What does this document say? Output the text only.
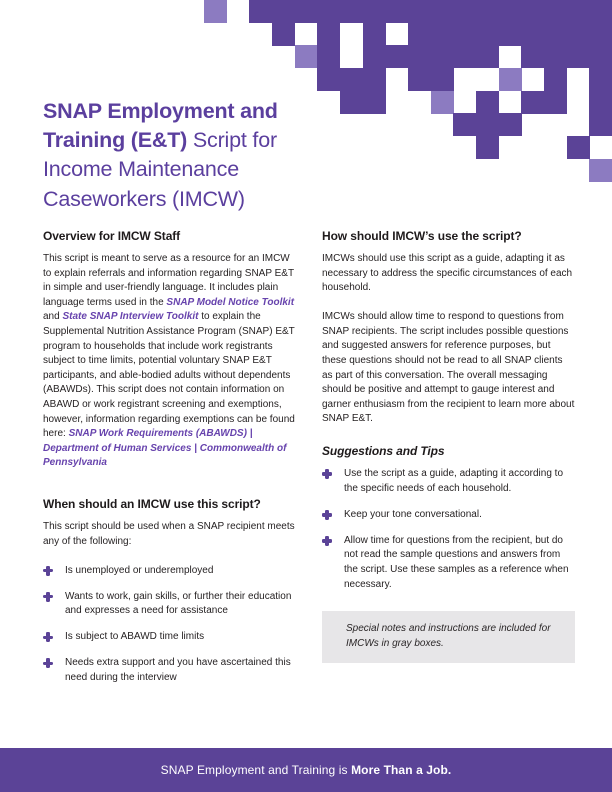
SNAP Employment and
Training (E&T) Script for
Income Maintenance
Caseworkers (IMCW)
Overview for IMCW Staff

This script is meant to serve as a resource for an IMCW to explain referrals and information regarding SNAP E&T in simple and user-friendly language. It includes plain language terms used in the SNAP Model Notice Toolkit and State SNAP Interview Toolkit to explain the Supplemental Nutrition Assistance Program (SNAP) E&T program to households that include work registrants subject to time limits, potential voluntary SNAP E&T participants, and able-bodied adults without dependents (ABAWDs). This script does not contain information on ABAWD or work registrant screening and exemptions, however, information regarding exemptions can be found here: SNAP Work Requirements (ABAWDS) | Department of Human Services | Commonwealth of Pennsylvania

When should an IMCW use this script?

This script should be used when a SNAP recipient meets any of the following:

Is unemployed or underemployed
Wants to work, gain skills, or further their education and expresses a need for assistance
Is subject to ABAWD time limits
Needs extra support and you have ascertained this need during the interview
How should IMCW’s use the script?

IMCWs should use this script as a guide, adapting it as necessary to address the specific circumstances of each household.

IMCWs should allow time to respond to questions from SNAP recipients. The script includes possible questions and suggested answers for reference purposes, but these questions should not be read to all SNAP clients as part of this conversation. The overall messaging should be positive and attempt to gauge interest and garner enthusiasm from the recipient to learn more about SNAP E&T.

Suggestions and Tips
Use the script as a guide, adapting it according to the specific needs of each household.
Keep your tone conversational.
Allow time for questions from the recipient, but do not read the sample questions and answers from the script. Use these samples as a reference when necessary.
Special notes and instructions are included for IMCWs in gray boxes.
SNAP Employment and Training is More Than a Job.
